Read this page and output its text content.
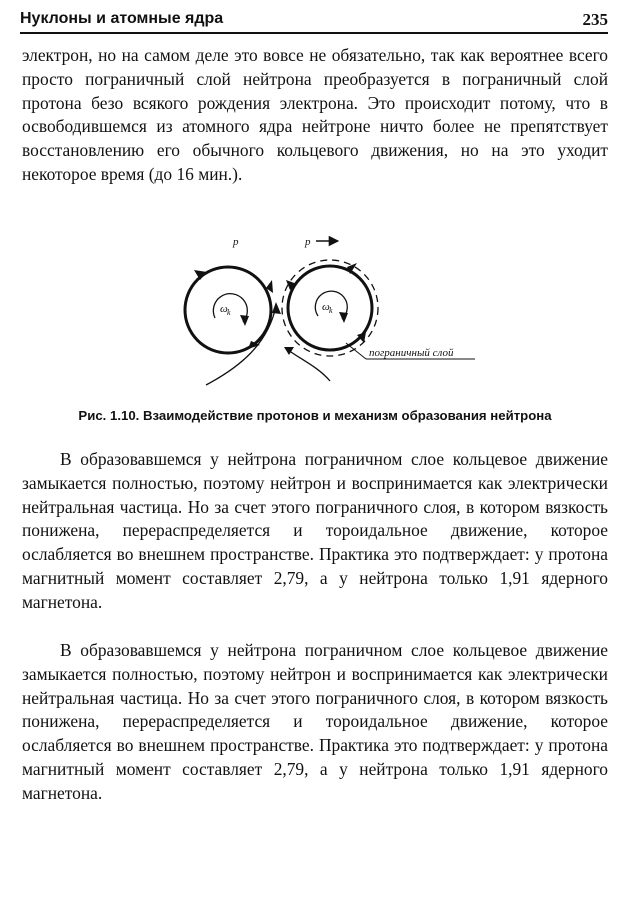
Нуклоны и атомные ядра	235

электрон, но на самом деле это вовсе не обязательно, так как вероятнее всего просто пограничный слой нейтрона преобразуется в пограничный слой протона безо всякого рождения электрона. Это происходит потому, что в освободившемся из атомного ядра нейтроне ничто более не препятствует восстановлению его обычного кольцевого движения, но на это уходит некоторое время (до 16 мин.).

ω k
p
ω k
p
пограничный слой
Рис. 1.10. Взаимодействие протонов и механизм образования нейтрона

В образовавшемся у нейтрона пограничном слое кольцевое движение замыкается полностью, поэтому нейтрон и воспринимается как электрически нейтральная частица. Но за счет этого пограничного слоя, в котором вязкость понижена, перераспределяется и тороидальное движение, которое ослабляется во внешнем пространстве. Практика это подтверждает: у протона магнитный момент составляет 2,79, а у нейтрона только 1,91 ядерного магнетона.

В образовавшемся у нейтрона пограничном слое кольцевое движение замыкается полностью, поэтому нейтрон и воспринимается как электрически нейтральная частица. Но за счет этого пограничного слоя, в котором вязкость понижена, перераспределяется и тороидальное движение, которое ослабляется во внешнем пространстве. Практика это подтверждает: у протона магнитный момент составляет 2,79, а у нейтрона только 1,91 ядерного магнетона.
